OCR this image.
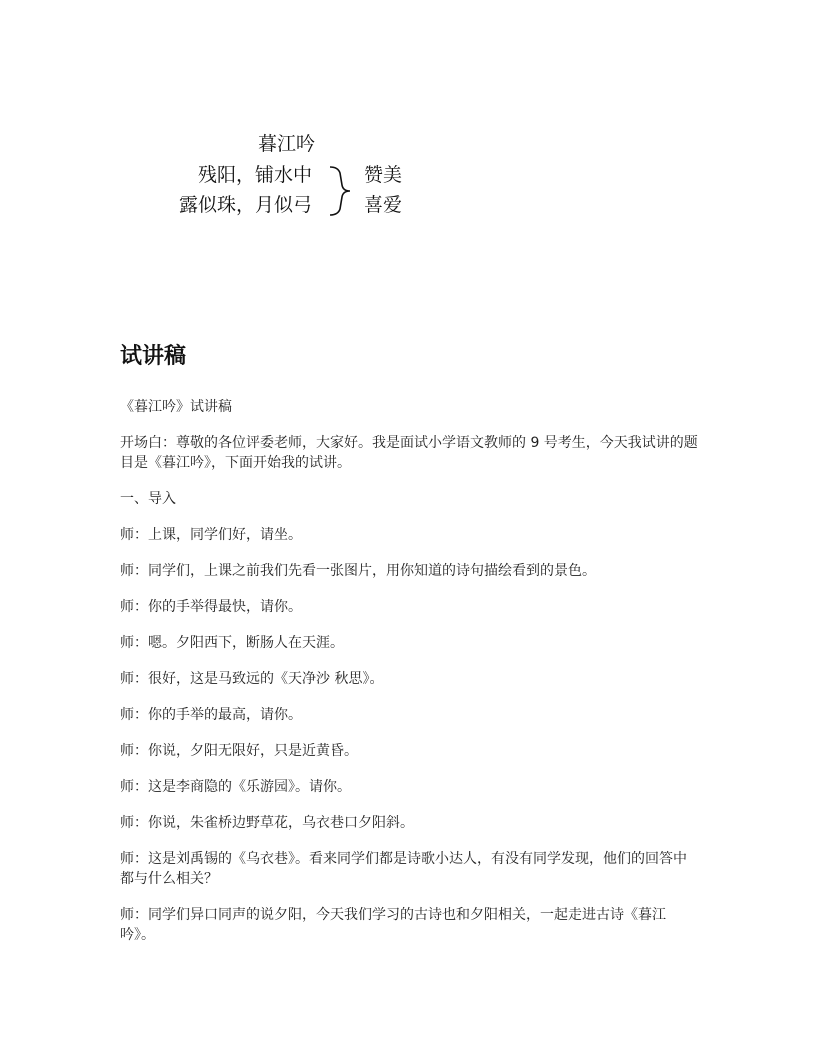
暮江吟
残阳，铺水中
露似珠，月似弓
赞美
喜爱
试讲稿

《暮江吟》试讲稿

开场白：尊敬的各位评委老师，大家好。我是面试小学语文教师的 9 号考生，今天我试讲的题目是《暮江吟》，下面开始我的试讲。

一、导入

师：上课，同学们好，请坐。

师：同学们，上课之前我们先看一张图片，用你知道的诗句描绘看到的景色。

师：你的手举得最快，请你。

师：嗯。夕阳西下，断肠人在天涯。

师：很好，这是马致远的《天净沙 秋思》。

师：你的手举的最高，请你。

师：你说，夕阳无限好，只是近黄昏。

师：这是李商隐的《乐游园》。请你。

师：你说，朱雀桥边野草花，乌衣巷口夕阳斜。

师：这是刘禹锡的《乌衣巷》。看来同学们都是诗歌小达人，有没有同学发现，他们的回答中都与什么相关？

师：同学们异口同声的说夕阳，今天我们学习的古诗也和夕阳相关，一起走进古诗《暮江吟》。
